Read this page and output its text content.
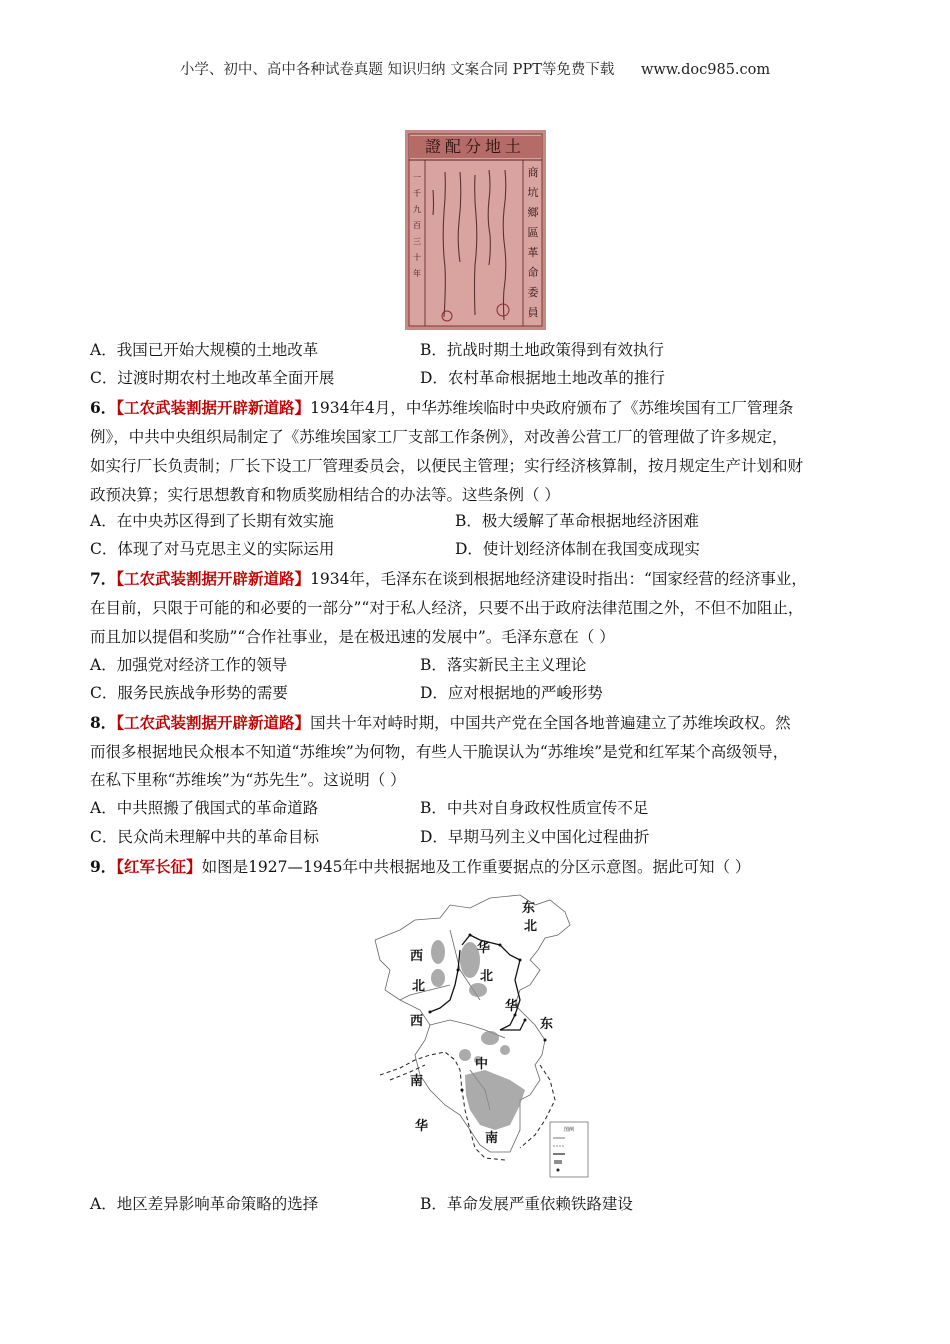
小学、初中、高中各种试卷真题 知识归纳 文案合同 PPT等免费下载 www.doc985.com
證配分地土
商
坑
鄉
區
革
命
委
員
一
千
九
百
三
十
年
A．我国已开始大规模的土地改革	B．抗战时期土地政策得到有效执行
C．过渡时期农村土地改革全面开展	D．农村革命根据地土地改革的推行
6．【工农武装割据开辟新道路】1934年4月，中华苏维埃临时中央政府颁布了《苏维埃国有工厂管理条
例》，中共中央组织局制定了《苏维埃国家工厂支部工作条例》，对改善公营工厂的管理做了许多规定，
如实行厂长负责制；厂长下设工厂管理委员会，以便民主管理；实行经济核算制，按月规定生产计划和财
政预决算；实行思想教育和物质奖励相结合的办法等。这些条例（ ）
A．在中央苏区得到了长期有效实施	B．极大缓解了革命根据地经济困难
C．体现了对马克思主义的实际运用	D．使计划经济体制在我国变成现实
7．【工农武装割据开辟新道路】1934年，毛泽东在谈到根据地经济建设时指出：“国家经营的经济事业，
在目前，只限于可能的和必要的一部分”“对于私人经济，只要不出于政府法律范围之外，不但不加阻止，
而且加以提倡和奖励”“合作社事业，是在极迅速的发展中”。毛泽东意在（ ）
A．加强党对经济工作的领导	B．落实新民主主义理论
C．服务民族战争形势的需要	D．应对根据地的严峻形势
8．【工农武装割据开辟新道路】国共十年对峙时期，中国共产党在全国各地普遍建立了苏维埃政权。然
而很多根据地民众根本不知道“苏维埃”为何物，有些人干脆误认为“苏维埃”是党和红军某个高级领导，
在私下里称“苏维埃”为“苏先生”。这说明（ ）
A．中共照搬了俄国式的革命道路	B．中共对自身政权性质宣传不足
C．民众尚未理解中共的革命目标	D．早期马列主义中国化过程曲折
9．【红军长征】如图是1927—1945年中共根据地及工作重要据点的分区示意图。据此可知（ ）
图例
东
北
华
北
西
北
华
西	东
中
南
华
南
A．地区差异影响革命策略的选择	B．革命发展严重依赖铁路建设
